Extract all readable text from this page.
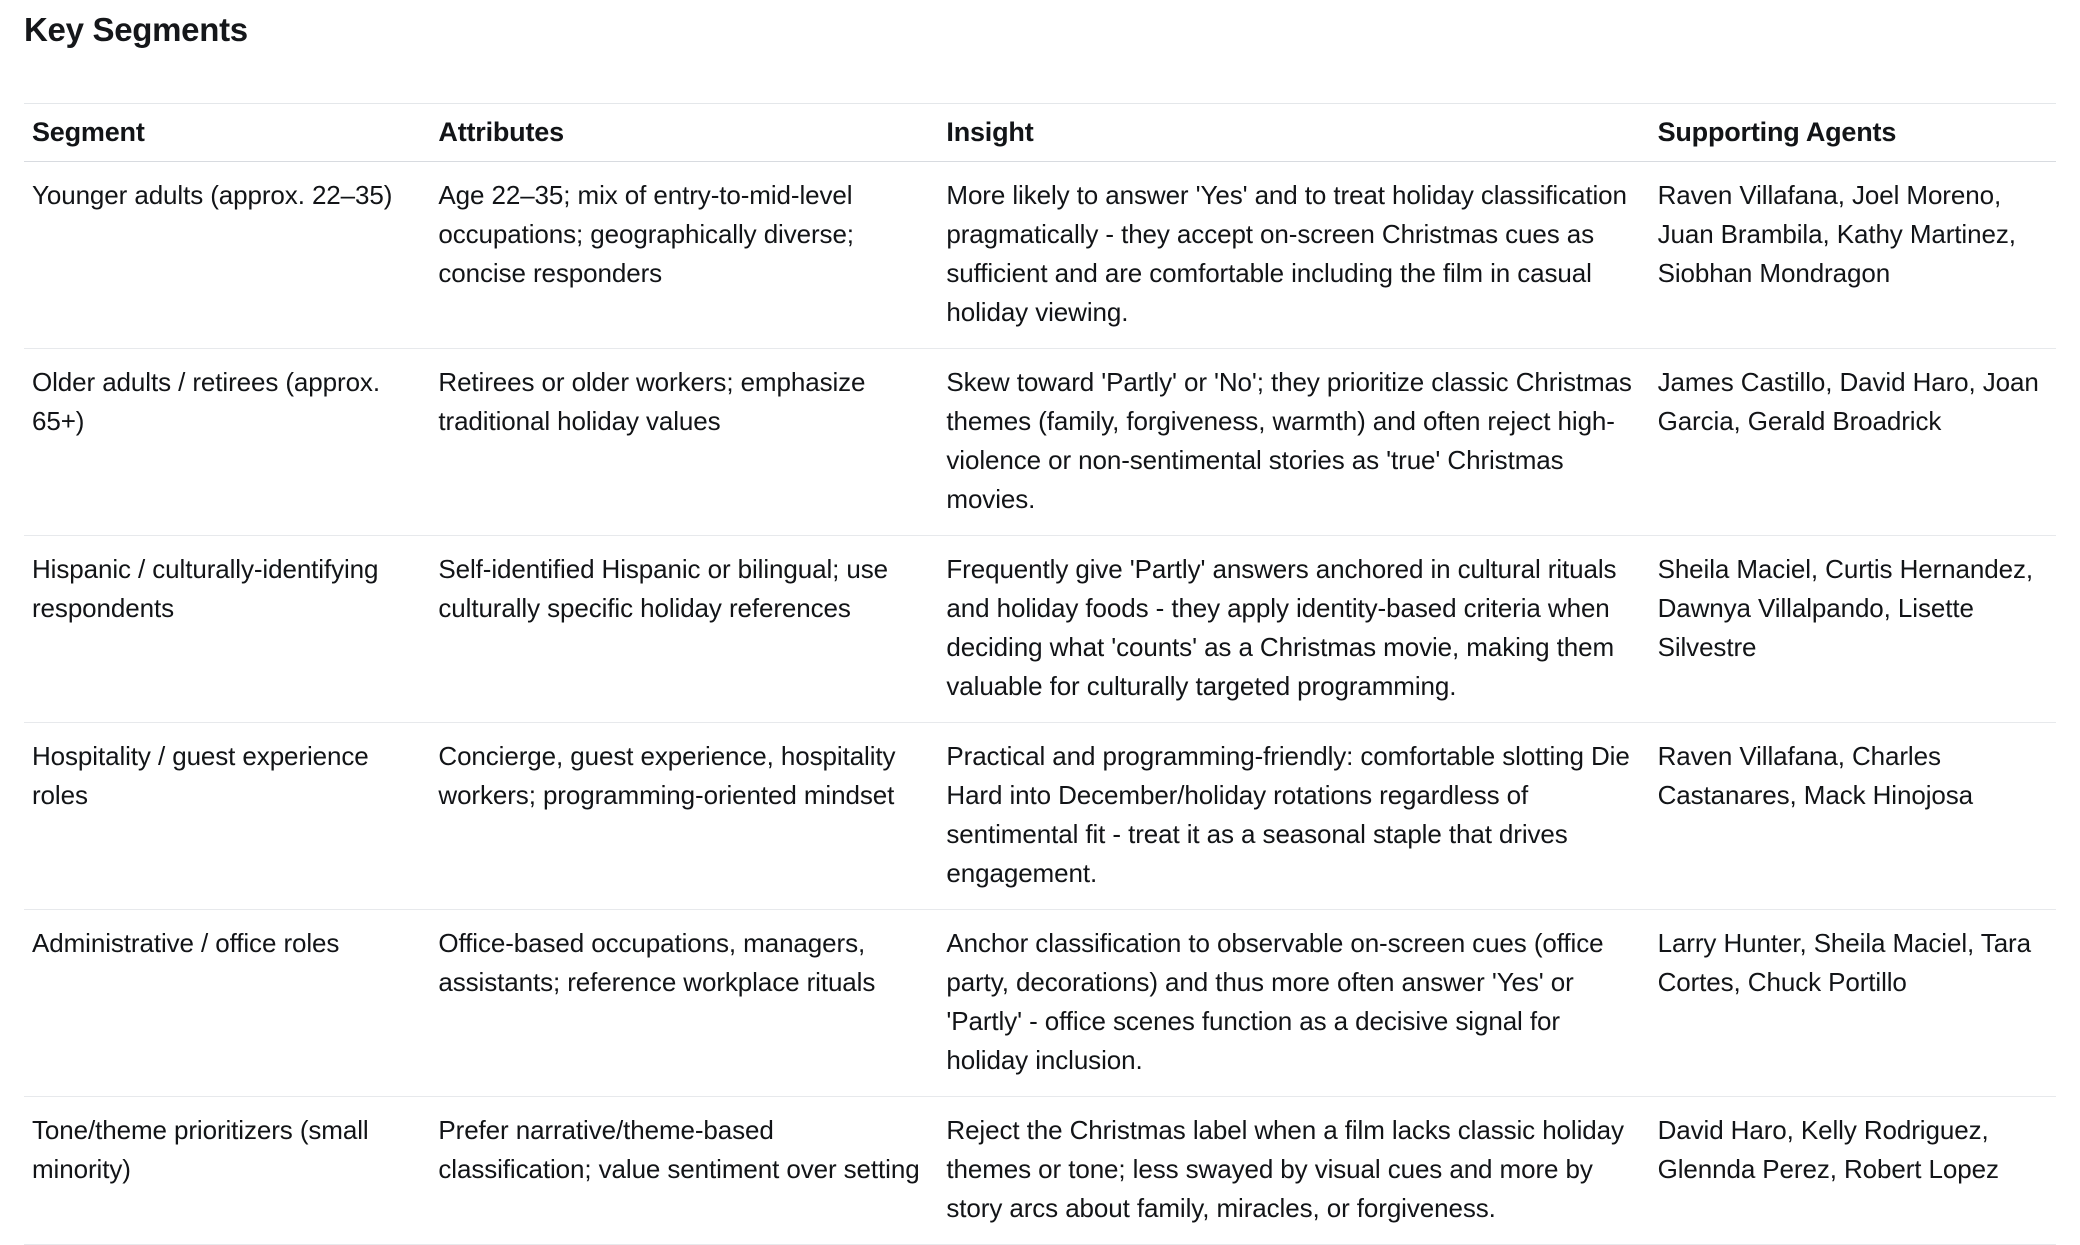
Key Segments
Segment	Attributes	Insight	Supporting Agents
Younger adults (approx. 22–35)	Age 22–35; mix of entry-to-mid-level occupations; geographically diverse; concise responders	More likely to answer 'Yes' and to treat holiday classification pragmatically - they accept on-screen Christmas cues as sufficient and are comfortable including the film in casual holiday viewing.	Raven Villafana, Joel Moreno, Juan Brambila, Kathy Martinez, Siobhan Mondragon
Older adults / retirees (approx. 65+)	Retirees or older workers; emphasize traditional holiday values	Skew toward 'Partly' or 'No'; they prioritize classic Christmas themes (family, forgiveness, warmth) and often reject high-violence or non-sentimental stories as 'true' Christmas movies.	James Castillo, David Haro, Joan Garcia, Gerald Broadrick
Hispanic / culturally-identifying respondents	Self-identified Hispanic or bilingual; use culturally specific holiday references	Frequently give 'Partly' answers anchored in cultural rituals and holiday foods - they apply identity-based criteria when deciding what 'counts' as a Christmas movie, making them valuable for culturally targeted programming.	Sheila Maciel, Curtis Hernandez, Dawnya Villalpando, Lisette Silvestre
Hospitality / guest experience roles	Concierge, guest experience, hospitality workers; programming-oriented mindset	Practical and programming-friendly: comfortable slotting Die Hard into December/holiday rotations regardless of sentimental fit - treat it as a seasonal staple that drives engagement.	Raven Villafana, Charles Castanares, Mack Hinojosa
Administrative / office roles	Office-based occupations, managers, assistants; reference workplace rituals	Anchor classification to observable on-screen cues (office party, decorations) and thus more often answer 'Yes' or 'Partly' - office scenes function as a decisive signal for holiday inclusion.	Larry Hunter, Sheila Maciel, Tara Cortes, Chuck Portillo
Tone/theme prioritizers (small minority)	Prefer narrative/theme-based classification; value sentiment over setting	Reject the Christmas label when a film lacks classic holiday themes or tone; less swayed by visual cues and more by story arcs about family, miracles, or forgiveness.	David Haro, Kelly Rodriguez, Glennda Perez, Robert Lopez
